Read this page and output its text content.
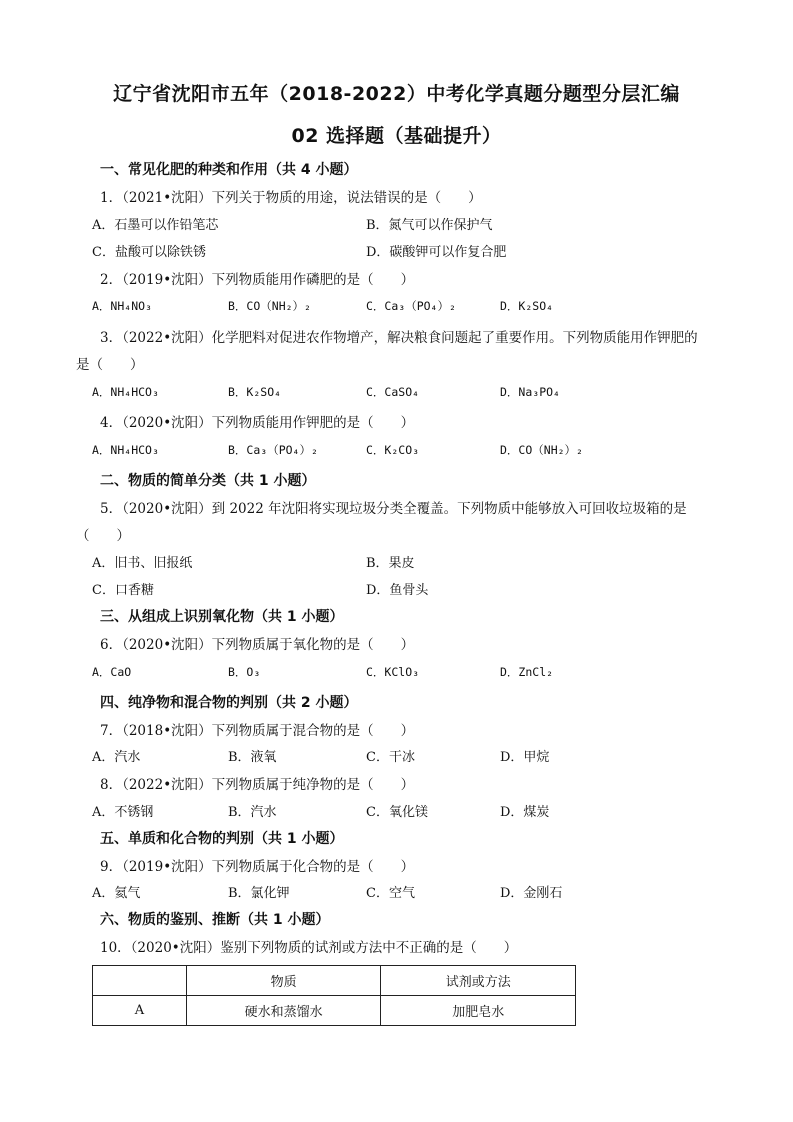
辽宁省沈阳市五年（2018-2022）中考化学真题分题型分层汇编
02 选择题（基础提升）
一、常见化肥的种类和作用（共 4 小题）
1．（2021•沈阳）下列关于物质的用途，说法错误的是（　　）
A．石墨可以作铅笔芯	B．氮气可以作保护气
C．盐酸可以除铁锈	D．碳酸钾可以作复合肥
2．（2019•沈阳）下列物质能用作磷肥的是（　　）
A．NH₄NO₃	B．CO（NH₂）₂	C．Ca₃（PO₄）₂	D．K₂SO₄
3．（2022•沈阳）化学肥料对促进农作物增产，解决粮食问题起了重要作用。下列物质能用作钾肥的
是（　　）
A．NH₄HCO₃	B．K₂SO₄	C．CaSO₄	D．Na₃PO₄
4．（2020•沈阳）下列物质能用作钾肥的是（　　）
A．NH₄HCO₃	B．Ca₃（PO₄）₂	C．K₂CO₃	D．CO（NH₂）₂
二、物质的简单分类（共 1 小题）
5．（2020•沈阳）到 2022 年沈阳将实现垃圾分类全覆盖。下列物质中能够放入可回收垃圾箱的是
（　　）
A．旧书、旧报纸	B．果皮
C．口香糖	D．鱼骨头
三、从组成上识别氧化物（共 1 小题）
6．（2020•沈阳）下列物质属于氧化物的是（　　）
A．CaO	B．O₃	C．KClO₃	D．ZnCl₂
四、纯净物和混合物的判别（共 2 小题）
7．（2018•沈阳）下列物质属于混合物的是（　　）
A．汽水	B．液氧	C．干冰	D．甲烷
8．（2022•沈阳）下列物质属于纯净物的是（　　）
A．不锈钢	B．汽水	C．氧化镁	D．煤炭
五、单质和化合物的判别（共 1 小题）
9．（2019•沈阳）下列物质属于化合物的是（　　）
A．氦气	B．氯化钾	C．空气	D．金刚石
六、物质的鉴别、推断（共 1 小题）
10．（2020•沈阳）鉴别下列物质的试剂或方法中不正确的是（　　）
	物质	试剂或方法
A	硬水和蒸馏水	加肥皂水
